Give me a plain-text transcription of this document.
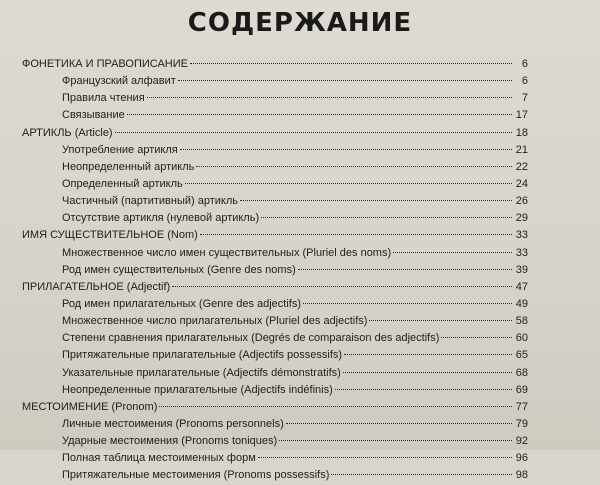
СОДЕРЖАНИЕ
ФОНЕТИКА И ПРАВОПИСАНИЕ	6
Французский алфавит	6
Правила чтения	7
Связывание	17
АРТИКЛЬ (Article)	18
Употребление артикля	21
Неопределенный артикль	22
Определенный артикль	24
Частичный (партитивный) артикль	26
Отсутствие артикля (нулевой артикль)	29
ИМЯ СУЩЕСТВИТЕЛЬНОЕ (Nom)	33
Множественное число имен существительных (Pluriel des noms)	33
Род имен существительных (Genre des noms)	39
ПРИЛАГАТЕЛЬНОЕ (Adjectif)	47
Род имен прилагательных (Genre des adjectifs)	49
Множественное число прилагательных (Pluriel des adjectifs)	58
Степени сравнения прилагательных (Degrés de comparaison des adjectifs)	60
Притяжательные прилагательные (Adjectifs possessifs)	65
Указательные прилагательные (Adjectifs démonstratifs)	68
Неопределенные прилагательные (Adjectifs indéfinis)	69
МЕСТОИМЕНИЕ (Pronom)	77
Личные местоимения (Pronoms personnels)	79
Ударные местоимения (Pronoms toniques)	92
Полная таблица местоименных форм	96
Притяжательные местоимения (Pronoms possessifs)	98
